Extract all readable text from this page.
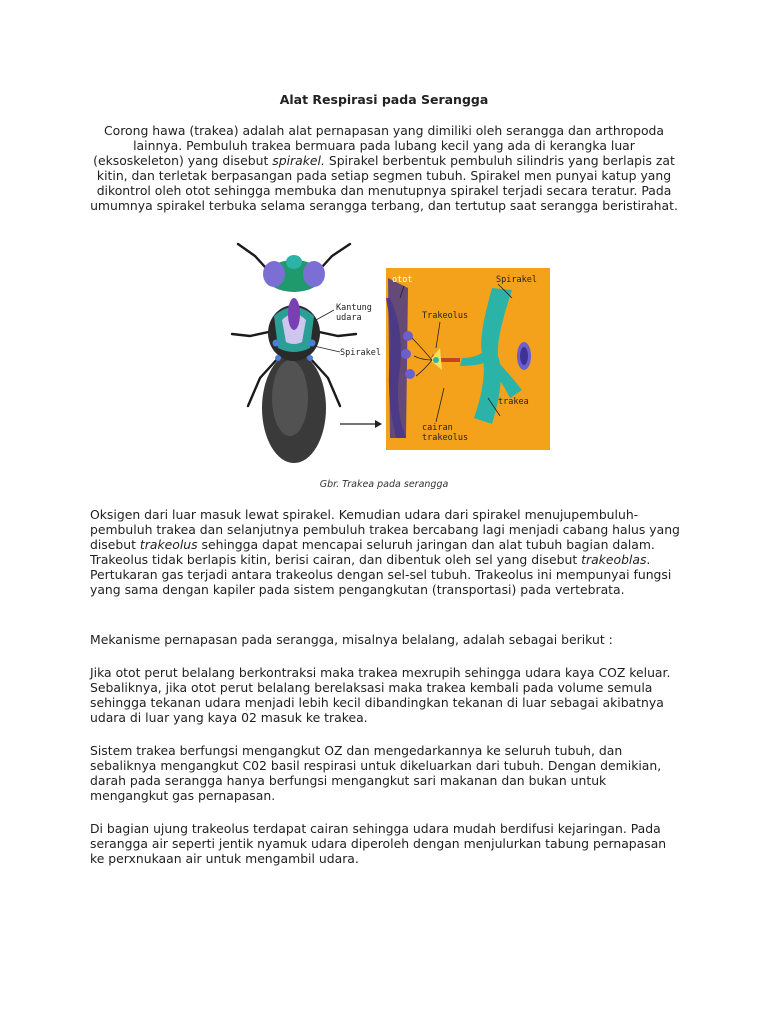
Alat Respirasi pada Serangga
Corong hawa (trakea) adalah alat pernapasan yang dimiliki oleh serangga dan arthropoda lainnya. Pembuluh trakea bermuara pada lubang kecil yang ada di kerangka luar (eksoskeleton) yang disebut spirakel. Spirakel berbentuk pembuluh silindris yang berlapis zat kitin, dan terletak berpasangan pada setiap segmen tubuh. Spirakel men punyai katup yang dikontrol oleh otot sehingga membuka dan menutupnya spirakel terjadi secara teratur. Pada umumnya spirakel terbuka selama serangga terbang, dan tertutup saat serangga beristirahat.
Kantung
udara
Spirakel
otot	Spirakel
Trakeolus
trakea
cairan
trakeolus
Gbr. Trakea pada serangga
Oksigen dari luar masuk lewat spirakel. Kemudian udara dari spirakel menujupembuluh-pembuluh trakea dan selanjutnya pembuluh trakea bercabang lagi menjadi cabang halus yang disebut trakeolus sehingga dapat mencapai seluruh jaringan dan alat tubuh bagian dalam. Trakeolus tidak berlapis kitin, berisi cairan, dan dibentuk oleh sel yang disebut trakeoblas. Pertukaran gas terjadi antara trakeolus dengan sel-sel tubuh. Trakeolus ini mempunyai fungsi yang sama dengan kapiler pada sistem pengangkutan (transportasi) pada vertebrata.
Mekanisme pernapasan pada serangga, misalnya belalang, adalah sebagai berikut :
Jika otot perut belalang berkontraksi maka trakea mexrupih sehingga udara kaya COZ keluar. Sebaliknya, jika otot perut belalang berelaksasi maka trakea kembali pada volume semula sehingga tekanan udara menjadi lebih kecil dibandingkan tekanan di luar sebagai akibatnya udara di luar yang kaya 02 masuk ke trakea.
Sistem trakea berfungsi mengangkut OZ dan mengedarkannya ke seluruh tubuh, dan sebaliknya mengangkut C02 basil respirasi untuk dikeluarkan dari tubuh. Dengan demikian, darah pada serangga hanya berfungsi mengangkut sari makanan dan bukan untuk mengangkut gas pernapasan.
Di bagian ujung trakeolus terdapat cairan sehingga udara mudah berdifusi kejaringan. Pada serangga air seperti jentik nyamuk udara diperoleh dengan menjulurkan tabung pernapasan ke perxnukaan air untuk mengambil udara.
